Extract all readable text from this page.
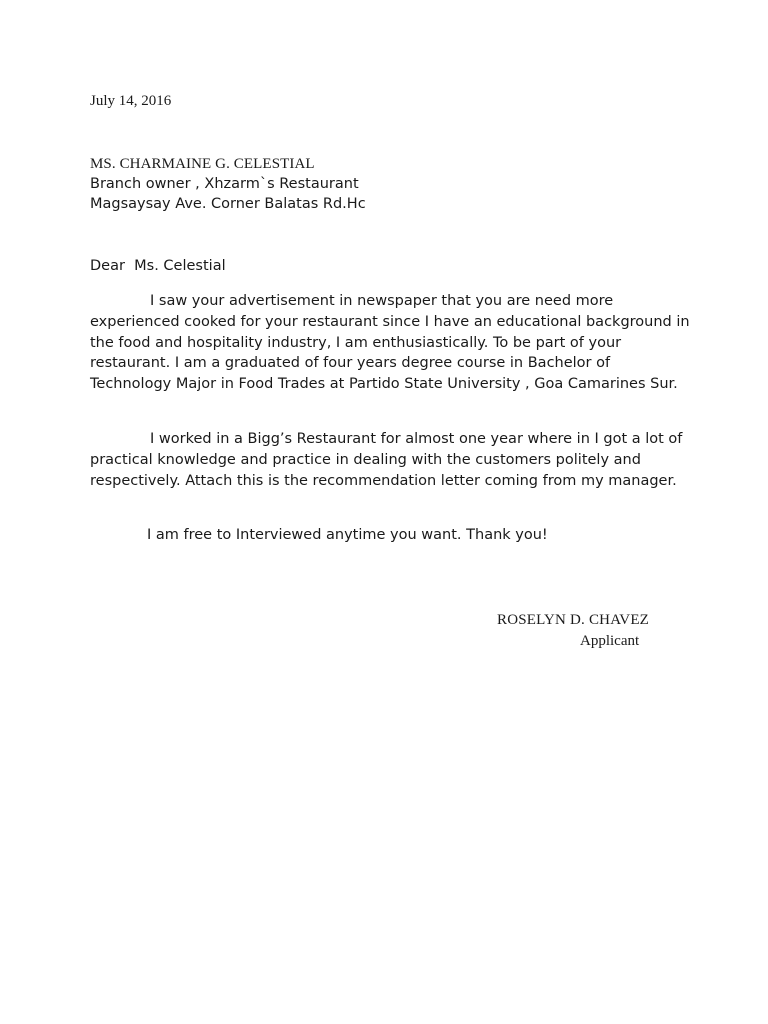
July 14, 2016
MS. CHARMAINE G. CELESTIAL
Branch owner , Xhzarm`s Restaurant
Magsaysay Ave. Corner Balatas Rd.Hc
Dear  Ms. Celestial

I saw your advertisement in newspaper that you are need more experienced cooked for your restaurant since I have an educational background in the food and hospitality industry, I am enthusiastically. To be part of your restaurant. I am a graduated of four years degree course in Bachelor of Technology Major in Food Trades at Partido State University , Goa Camarines Sur.

I worked in a Bigg’s Restaurant for almost one year where in I got a lot of practical knowledge and practice in dealing with the customers politely and respectively. Attach this is the recommendation letter coming from my manager.

I am free to Interviewed anytime you want. Thank you!

ROSELYN D. CHAVEZ
Applicant
